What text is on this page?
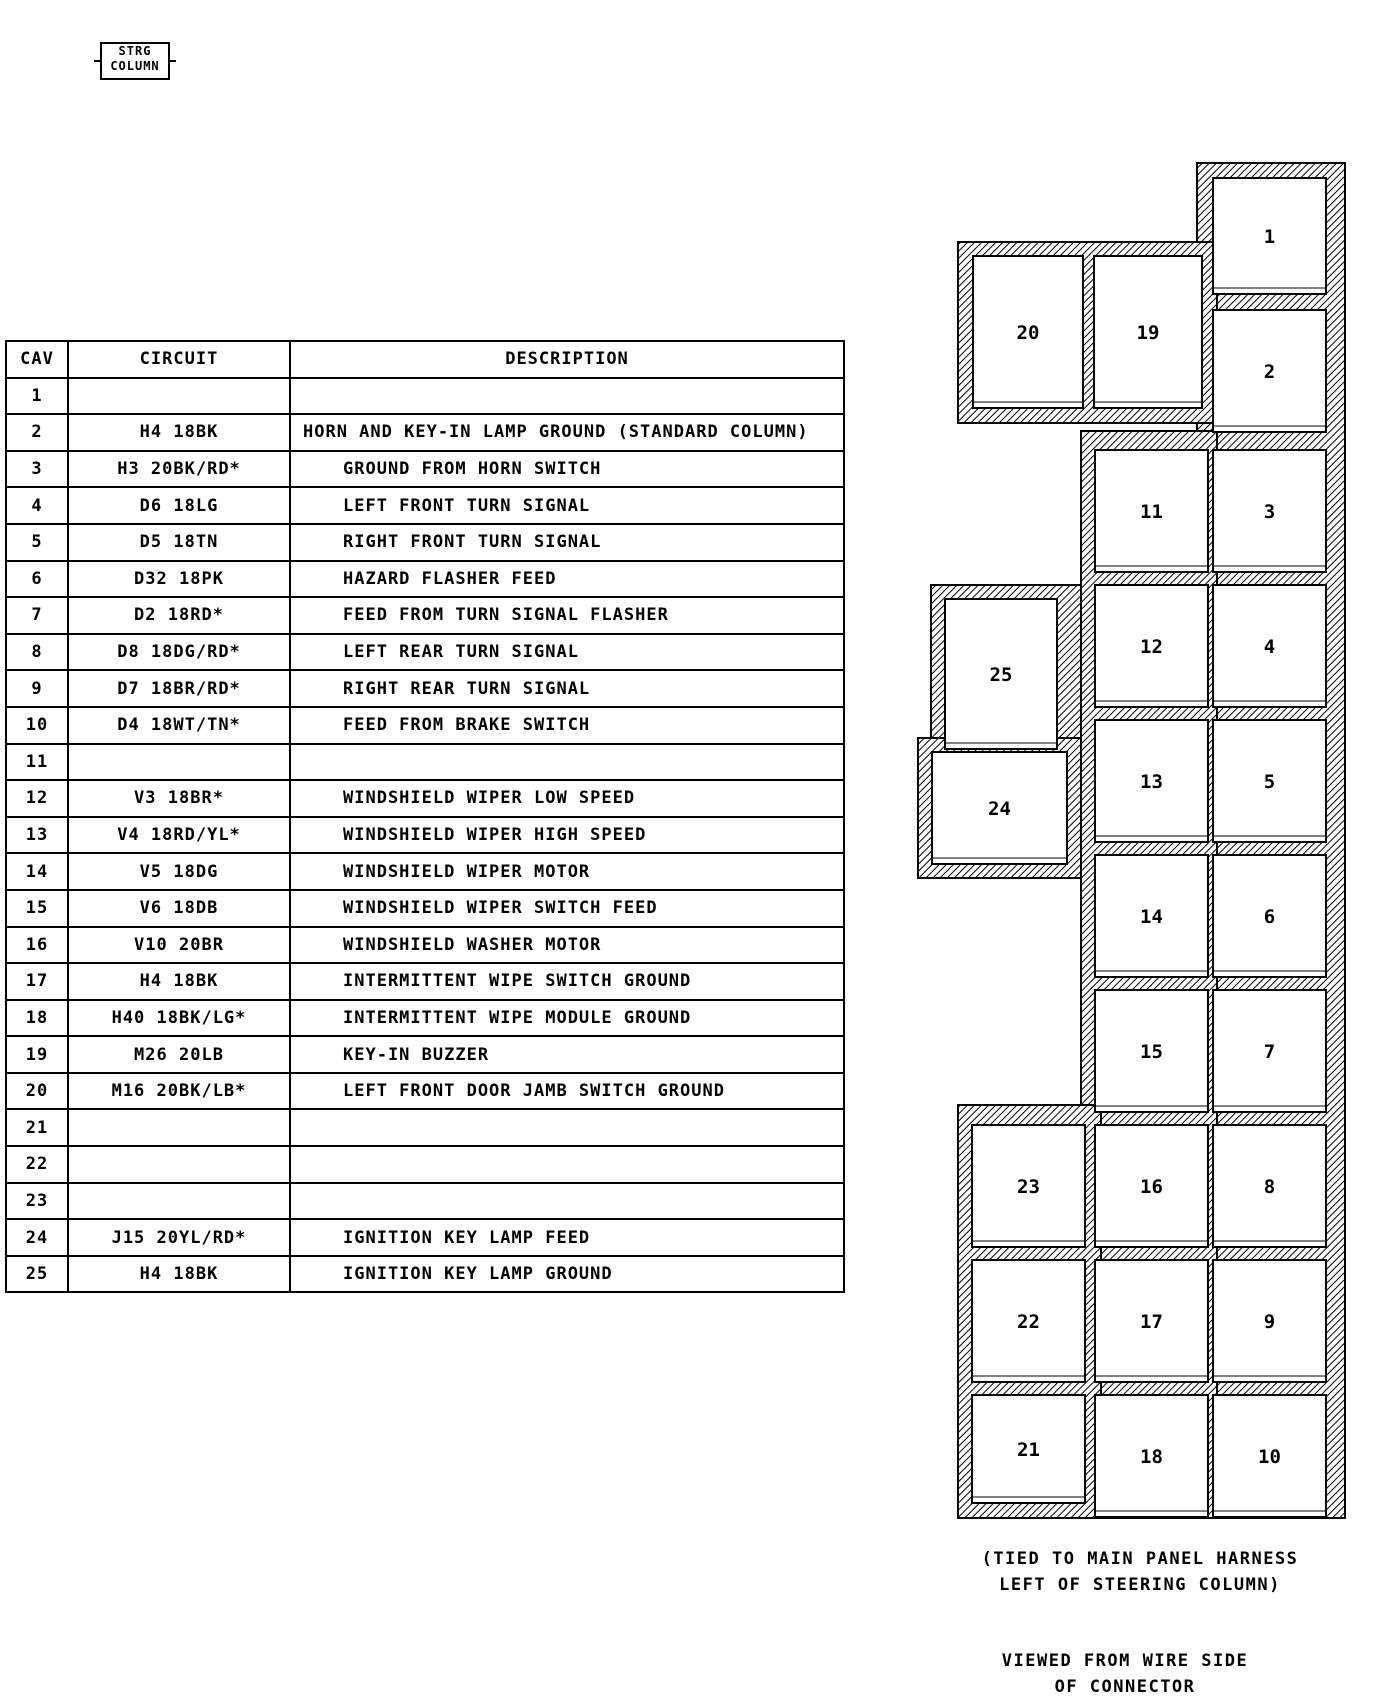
STRG
COLUMN
CAV	CIRCUIT	DESCRIPTION
1		
2	H4 18BK	HORN AND KEY-IN LAMP GROUND (STANDARD COLUMN)
3	H3 20BK/RD*	GROUND FROM HORN SWITCH
4	D6 18LG	LEFT FRONT TURN SIGNAL
5	D5 18TN	RIGHT FRONT TURN SIGNAL
6	D32 18PK	HAZARD FLASHER FEED
7	D2 18RD*	FEED FROM TURN SIGNAL FLASHER
8	D8 18DG/RD*	LEFT REAR TURN SIGNAL
9	D7 18BR/RD*	RIGHT REAR TURN SIGNAL
10	D4 18WT/TN*	FEED FROM BRAKE SWITCH
11		
12	V3 18BR*	WINDSHIELD WIPER LOW SPEED
13	V4 18RD/YL*	WINDSHIELD WIPER HIGH SPEED
14	V5 18DG	WINDSHIELD WIPER MOTOR
15	V6 18DB	WINDSHIELD WIPER SWITCH FEED
16	V10 20BR	WINDSHIELD WASHER MOTOR
17	H4 18BK	INTERMITTENT WIPE SWITCH GROUND
18	H40 18BK/LG*	INTERMITTENT WIPE MODULE GROUND
19	M26 20LB	KEY-IN BUZZER
20	M16 20BK/LB*	LEFT FRONT DOOR JAMB SWITCH GROUND
21		
22		
23		
24	J15 20YL/RD*	IGNITION KEY LAMP FEED
25	H4 18BK	IGNITION KEY LAMP GROUND
1
2
3
4
5
6
7
8
9
10
11
12
13
14
15
16
17
18
19
20
21
22
23
24
25
(TIED TO MAIN PANEL HARNESS
LEFT OF STEERING COLUMN)
VIEWED FROM WIRE SIDE
OF CONNECTOR
